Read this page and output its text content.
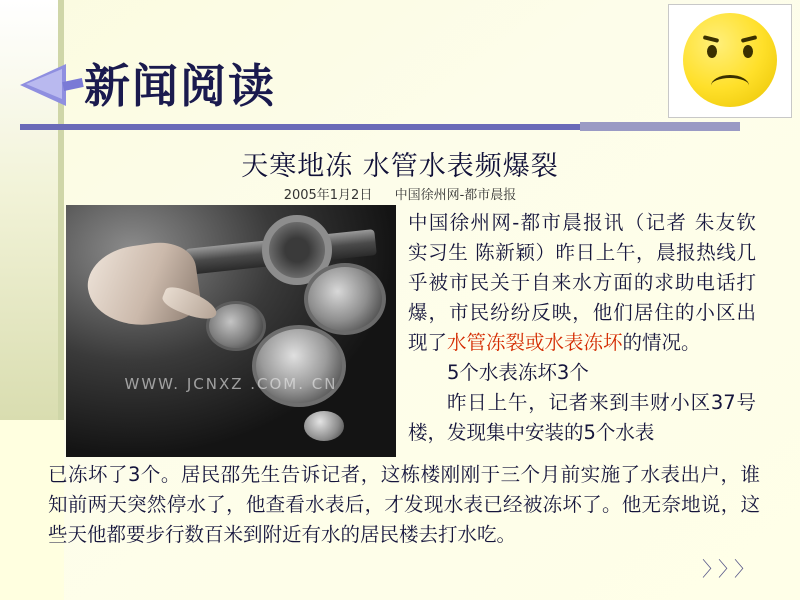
新闻阅读
天寒地冻 水管水表频爆裂
2005年1月2日 中国徐州网-都市晨报
WWW. JCNXZ .COM. CN
中国徐州网-都市晨报讯（记者 朱友钦 实习生 陈新颖）昨日上午，晨报热线几乎被市民关于自来水方面的求助电话打爆，市民纷纷反映，他们居住的小区出现了水管冻裂或水表冻坏的情况。
5个水表冻坏3个
昨日上午，记者来到丰财小区37号楼，发现集中安装的5个水表
已冻坏了3个。居民邵先生告诉记者，这栋楼刚刚于三个月前实施了水表出户，谁知前两天突然停水了，他查看水表后，才发现水表已经被冻坏了。他无奈地说，这些天他都要步行数百米到附近有水的居民楼去打水吃。
〉〉〉
